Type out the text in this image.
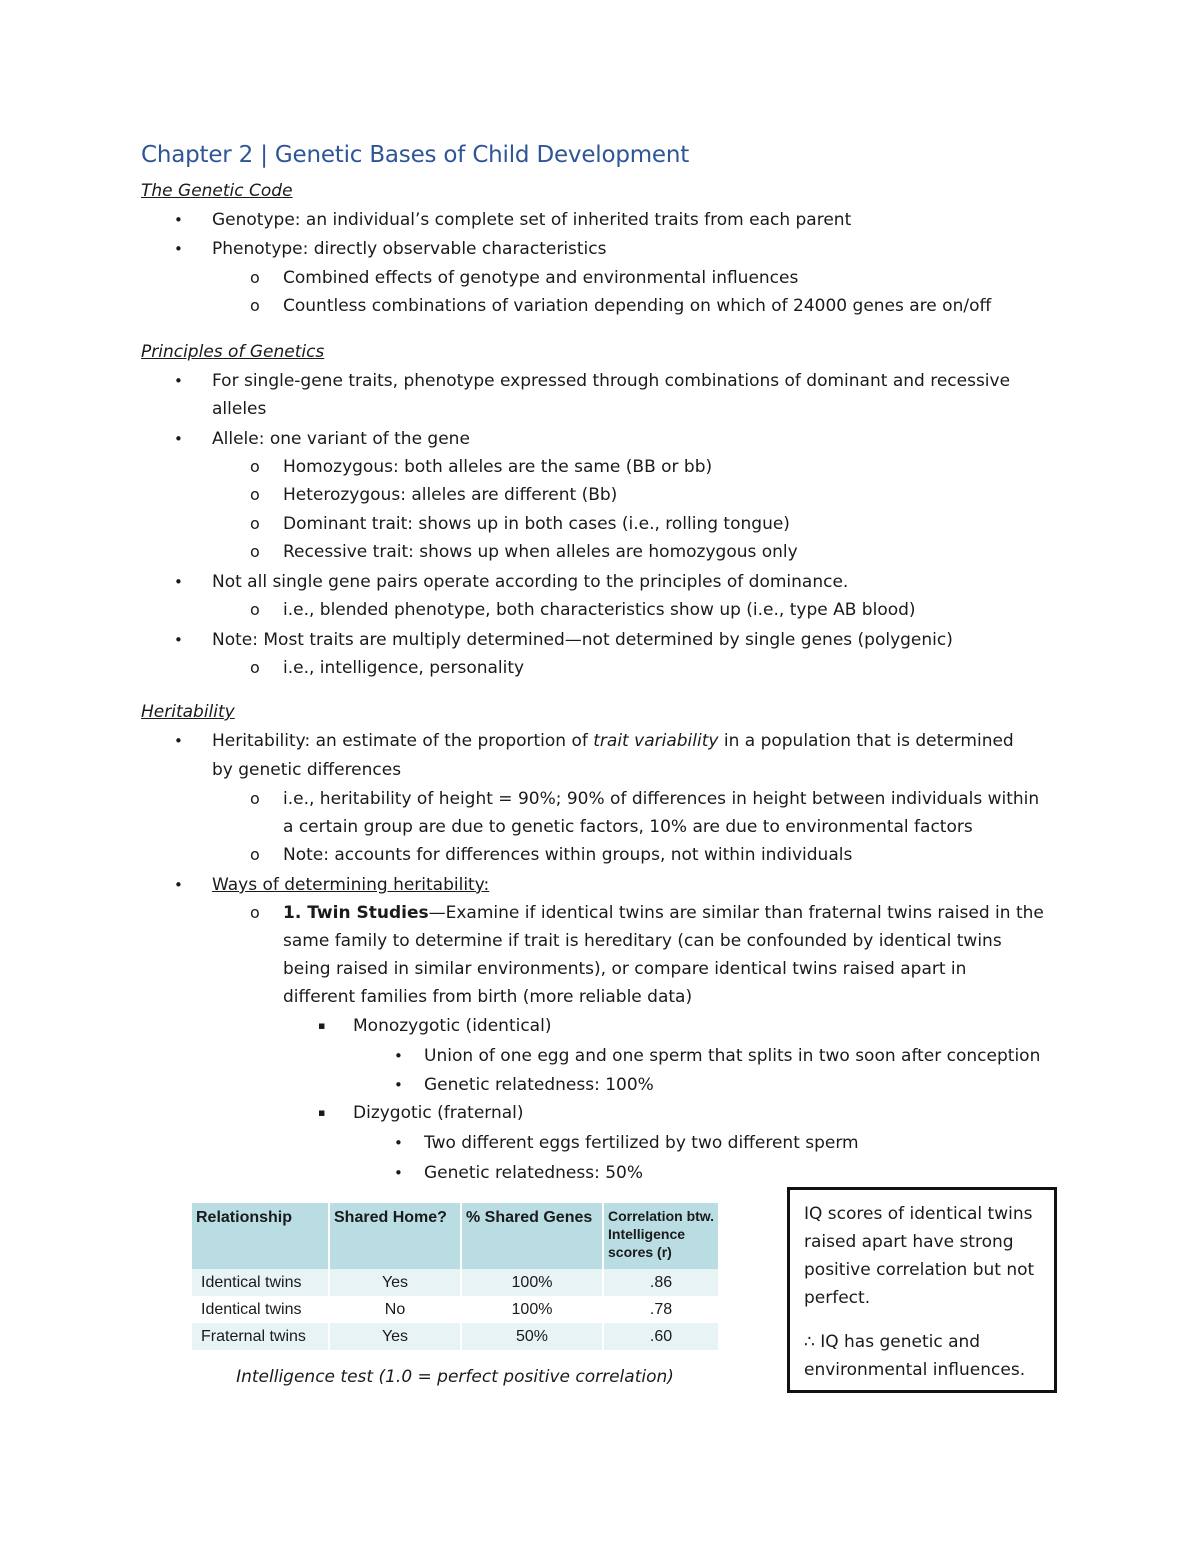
Chapter 2 | Genetic Bases of Child Development
The Genetic Code
• Genotype: an individual’s complete set of inherited traits from each parent
• Phenotype: directly observable characteristics
o Combined effects of genotype and environmental influences
o Countless combinations of variation depending on which of 24000 genes are on/off
Principles of Genetics
• For single-gene traits, phenotype expressed through combinations of dominant and recessive
alleles
• Allele: one variant of the gene
o Homozygous: both alleles are the same (BB or bb)
o Heterozygous: alleles are different (Bb)
o Dominant trait: shows up in both cases (i.e., rolling tongue)
o Recessive trait: shows up when alleles are homozygous only
• Not all single gene pairs operate according to the principles of dominance.
o i.e., blended phenotype, both characteristics show up (i.e., type AB blood)
• Note: Most traits are multiply determined—not determined by single genes (polygenic)
o i.e., intelligence, personality
Heritability
• Heritability: an estimate of the proportion of trait variability in a population that is determined
by genetic differences
o i.e., heritability of height = 90%; 90% of differences in height between individuals within
a certain group are due to genetic factors, 10% are due to environmental factors
o Note: accounts for differences within groups, not within individuals
• Ways of determining heritability:
o 1. Twin Studies—Examine if identical twins are similar than fraternal twins raised in the
same family to determine if trait is hereditary (can be confounded by identical twins
being raised in similar environments), or compare identical twins raised apart in
different families from birth (more reliable data)
▪ Monozygotic (identical)
• Union of one egg and one sperm that splits in two soon after conception
• Genetic relatedness: 100%
▪ Dizygotic (fraternal)
• Two different eggs fertilized by two different sperm
• Genetic relatedness: 50%
Relationship	Shared Home?	% Shared Genes	Correlation btw. Intelligence scores (r)
Identical twins	Yes	100%	.86
Identical twins	No	100%	.78
Fraternal twins	Yes	50%	.60
Intelligence test (1.0 = perfect positive correlation)

IQ scores of identical twins raised apart have strong positive correlation but not perfect.

∴ IQ has genetic and environmental influences.
